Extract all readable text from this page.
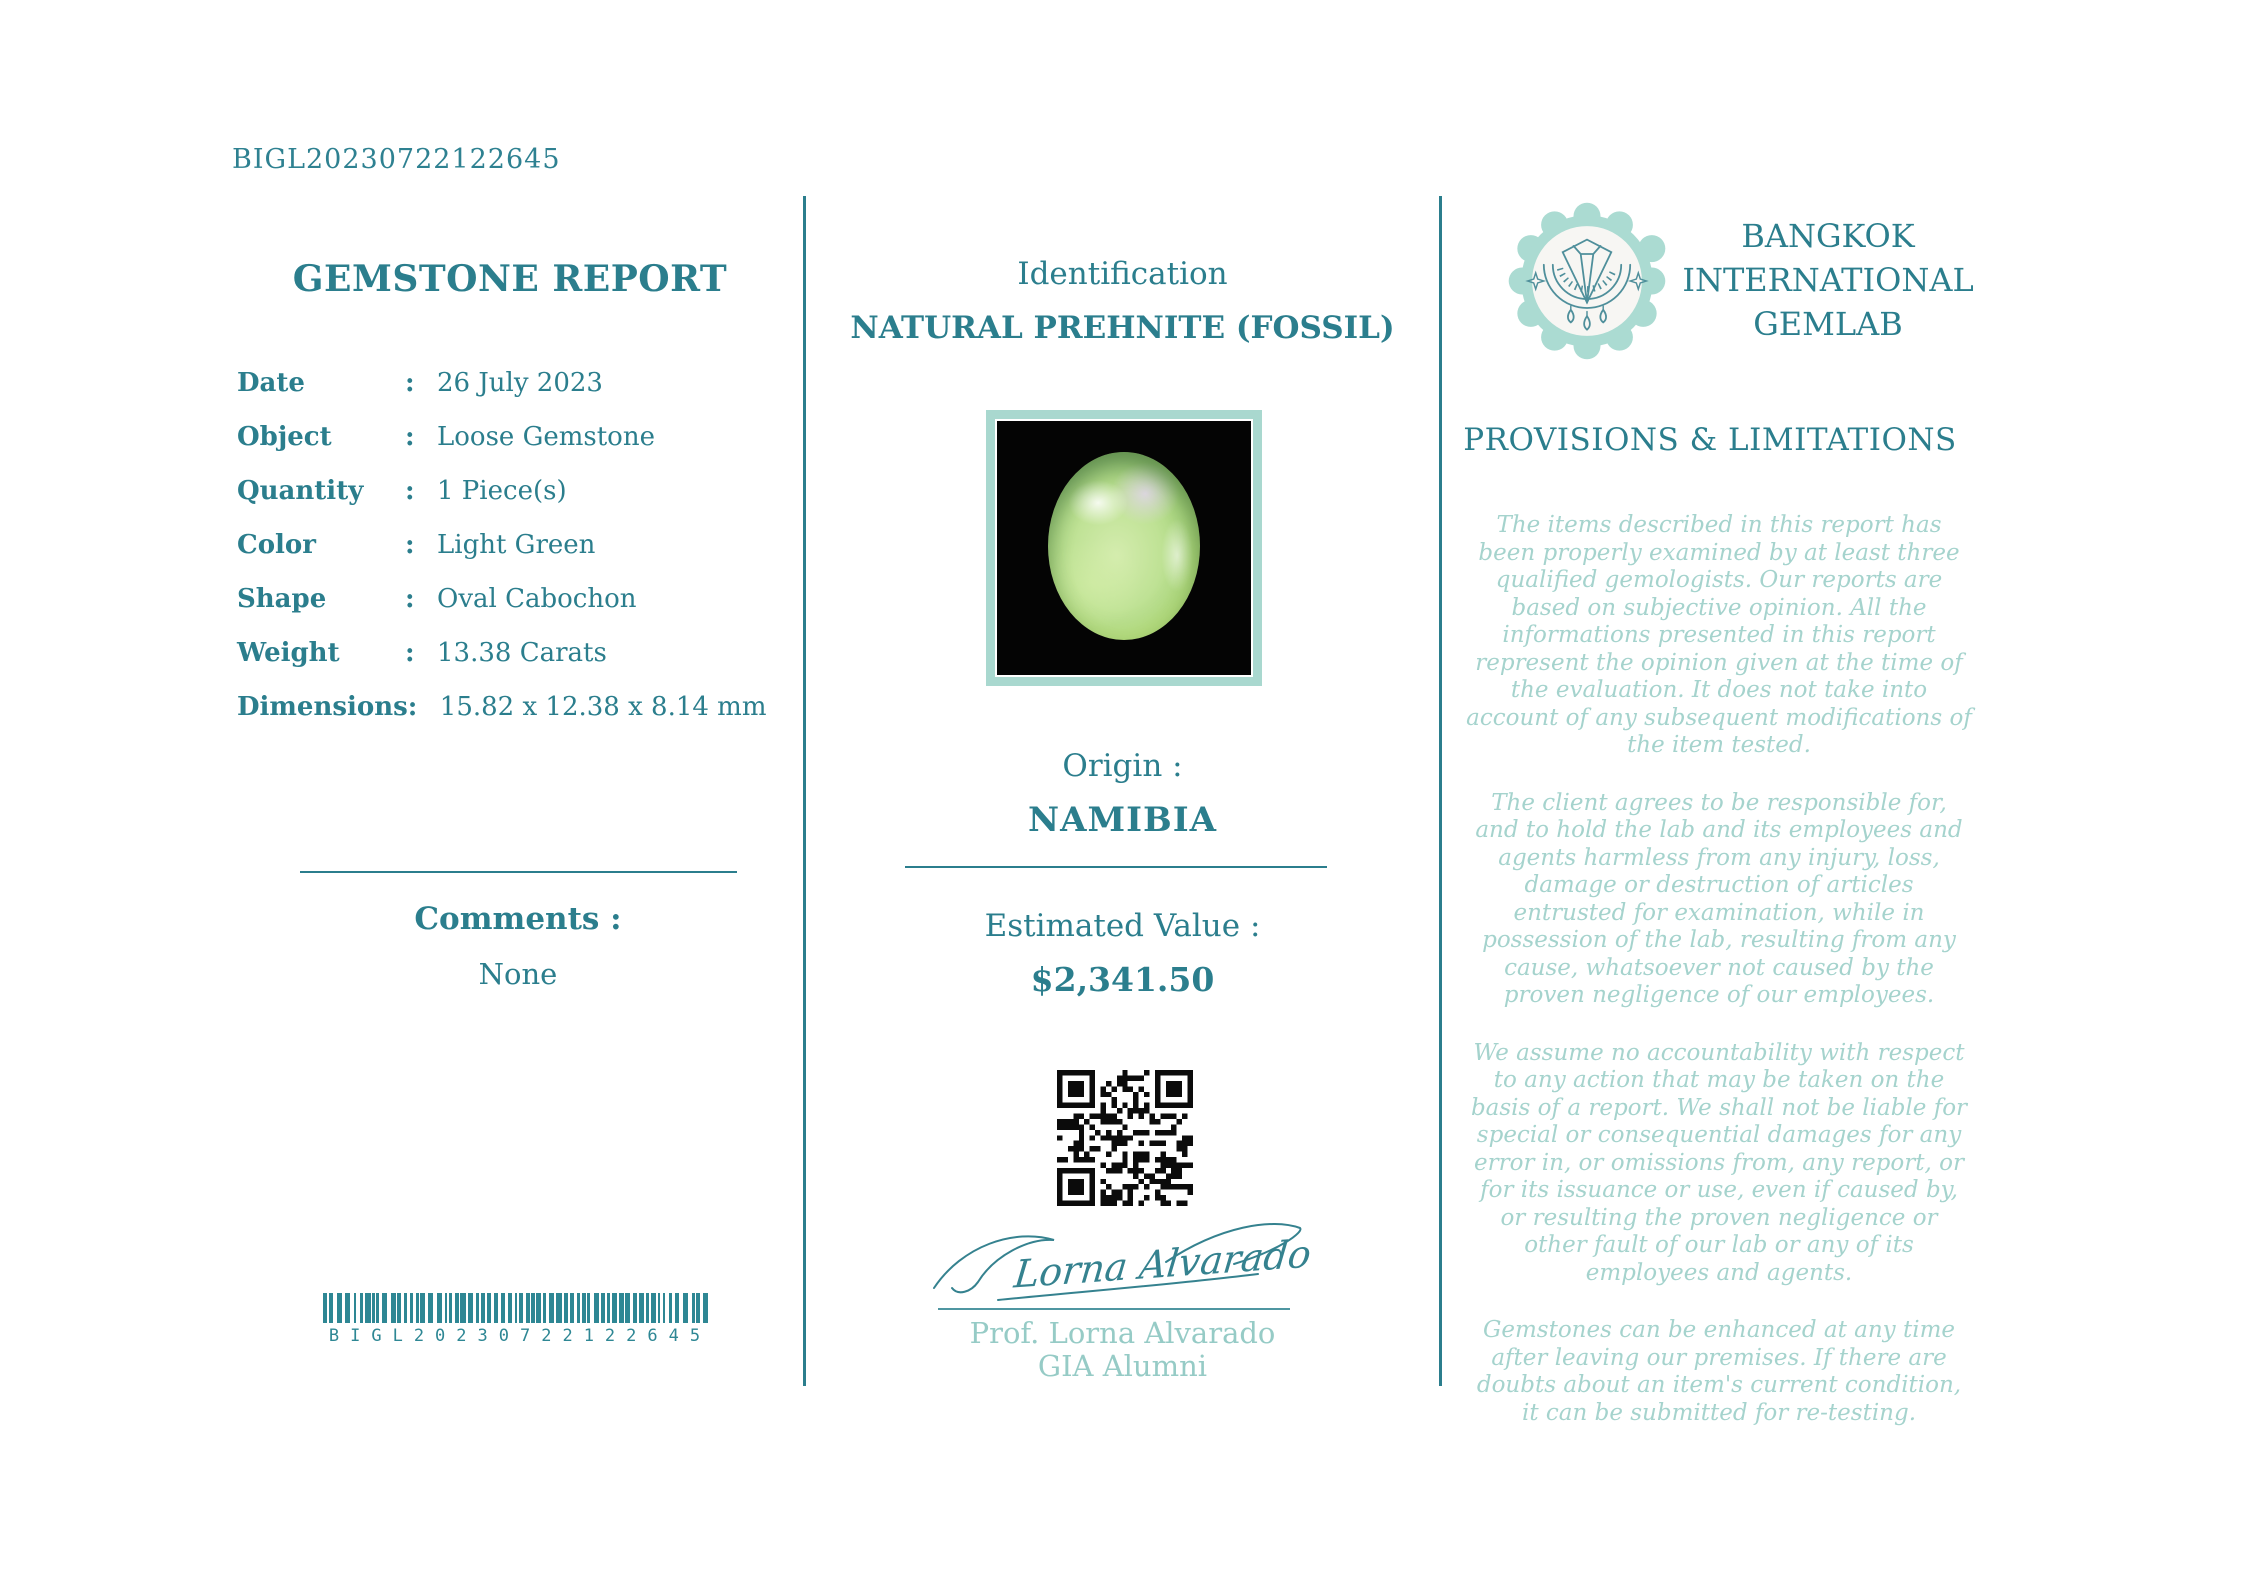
BIGL20230722122645
GEMSTONE REPORT
Date	: 26 July 2023
Object	: Loose Gemstone
Quantity	: 1 Piece(s)
Color	: Light Green
Shape	: Oval Cabochon
Weight	: 13.38 Carats
Dimensions : 15.82 x 12.38 x 8.14 mm
Comments :
None
BIGL20230722122645
Identification
NATURAL PREHNITE (FOSSIL)
Origin :
NAMIBIA
Estimated Value :
$2,341.50
Lorna Alvarado
Prof. Lorna Alvarado
GIA Alumni
BANGKOK
INTERNATIONAL
GEMLAB
PROVISIONS & LIMITATIONS

The items described in this report has been properly examined by at least three qualified gemologists. Our reports are based on subjective opinion. All the informations presented in this report represent the opinion given at the time of the evaluation. It does not take into account of any subsequent modifications of the item tested.

The client agrees to be responsible for, and to hold the lab and its employees and agents harmless from any injury, loss, damage or destruction of articles entrusted for examination, while in possession of the lab, resulting from any cause, whatsoever not caused by the proven negligence of our employees.

We assume no accountability with respect to any action that may be taken on the basis of a report. We shall not be liable for special or consequential damages for any error in, or omissions from, any report, or for its issuance or use, even if caused by, or resulting the proven negligence or other fault of our lab or any of its employees and agents.

Gemstones can be enhanced at any time after leaving our premises. If there are doubts about an item's current condition, it can be submitted for re-testing.
